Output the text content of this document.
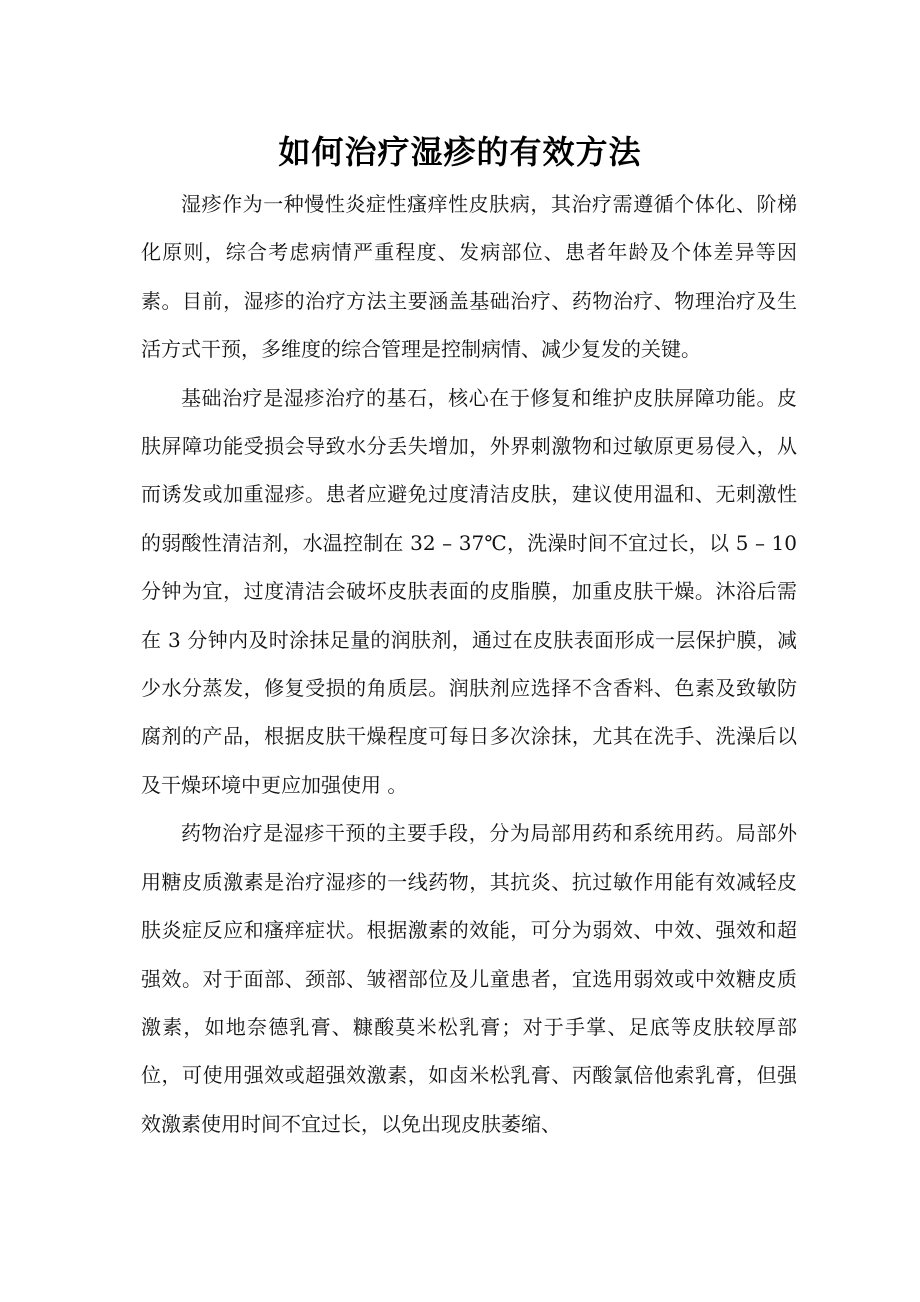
如何治疗湿疹的有效方法

湿疹作为一种慢性炎症性瘙痒性皮肤病，其治疗需遵循个体化、阶梯化原则，综合考虑病情严重程度、发病部位、患者年龄及个体差异等因素。目前，湿疹的治疗方法主要涵盖基础治疗、药物治疗、物理治疗及生活方式干预，多维度的综合管理是控制病情、减少复发的关键。

基础治疗是湿疹治疗的基石，核心在于修复和维护皮肤屏障功能。皮肤屏障功能受损会导致水分丢失增加，外界刺激物和过敏原更易侵入，从而诱发或加重湿疹。患者应避免过度清洁皮肤，建议使用温和、无刺激性的弱酸性清洁剂，水温控制在 32 – 37℃，洗澡时间不宜过长，以 5 – 10 分钟为宜，过度清洁会破坏皮肤表面的皮脂膜，加重皮肤干燥。沐浴后需在 3 分钟内及时涂抹足量的润肤剂，通过在皮肤表面形成一层保护膜，减少水分蒸发，修复受损的角质层。润肤剂应选择不含香料、色素及致敏防腐剂的产品，根据皮肤干燥程度可每日多次涂抹，尤其在洗手、洗澡后以及干燥环境中更应加强使用 。

药物治疗是湿疹干预的主要手段，分为局部用药和系统用药。局部外用糖皮质激素是治疗湿疹的一线药物，其抗炎、抗过敏作用能有效减轻皮肤炎症反应和瘙痒症状。根据激素的效能，可分为弱效、中效、强效和超强效。对于面部、颈部、皱褶部位及儿童患者，宜选用弱效或中效糖皮质激素，如地奈德乳膏、糠酸莫米松乳膏；对于手掌、足底等皮肤较厚部位，可使用强效或超强效激素，如卤米松乳膏、丙酸氯倍他索乳膏，但强效激素使用时间不宜过长，以免出现皮肤萎缩、
